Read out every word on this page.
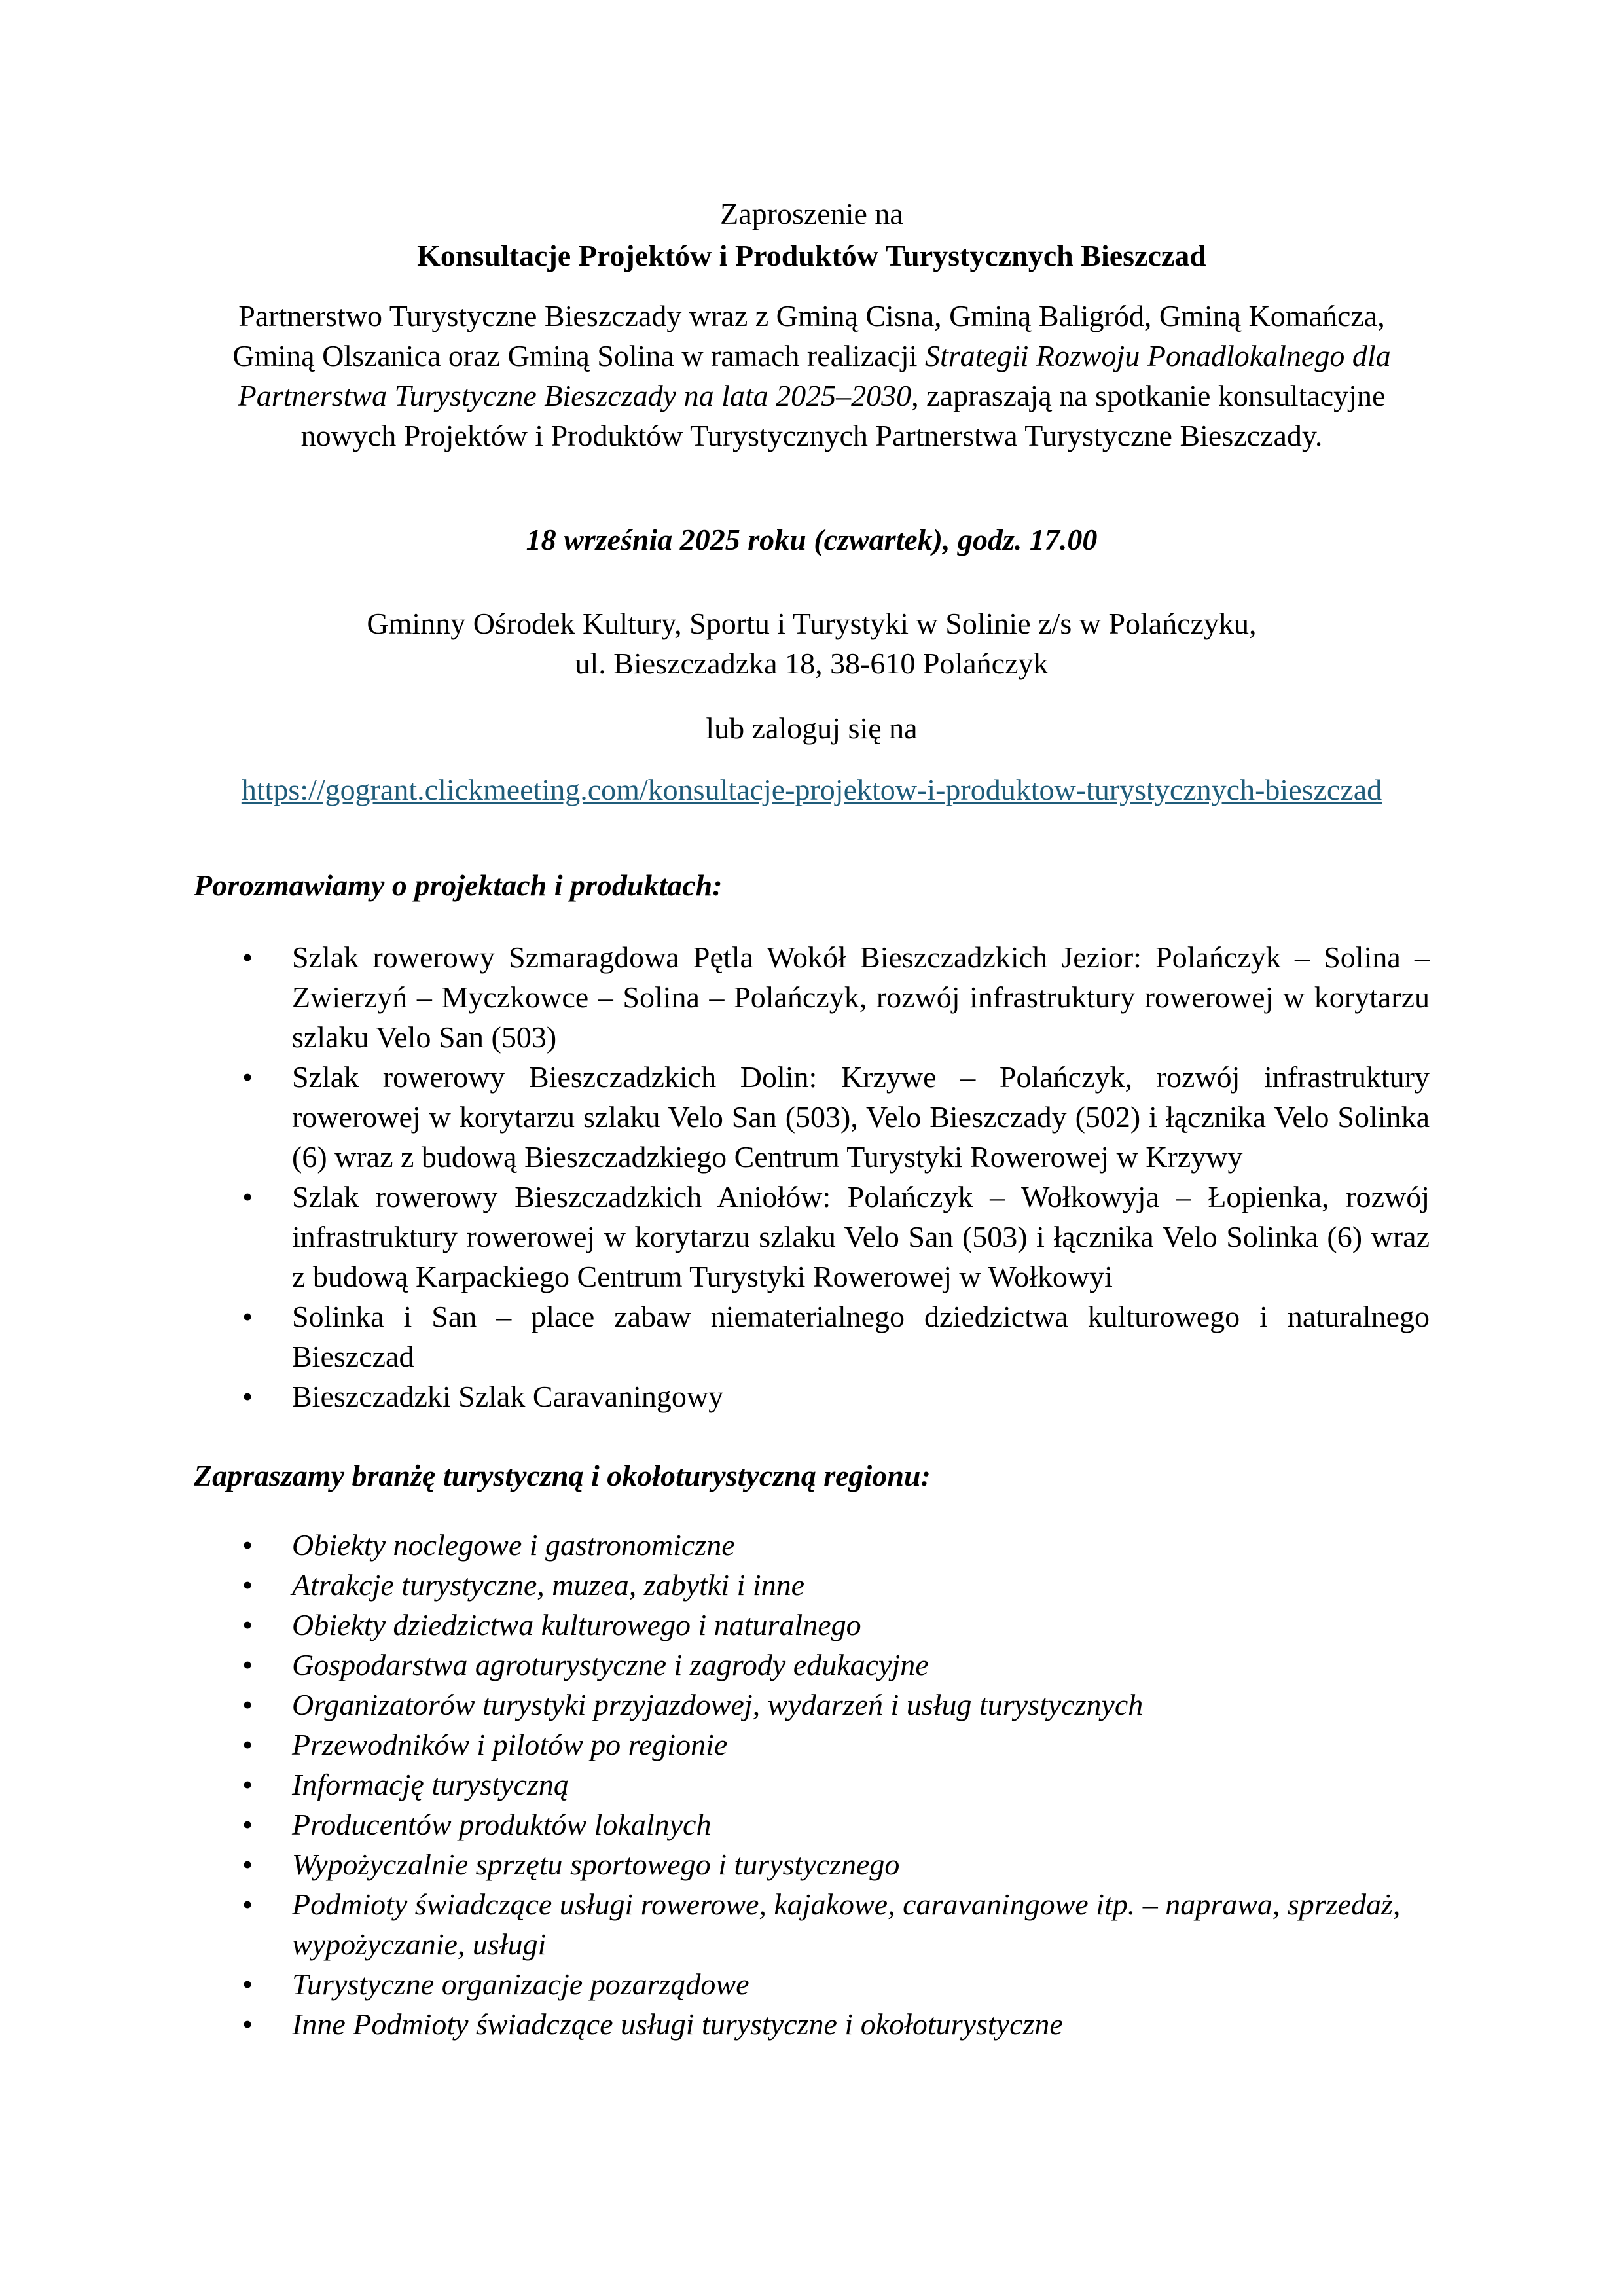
Zaproszenie na

Konsultacje Projektów i Produktów Turystycznych Bieszczad

Partnerstwo Turystyczne Bieszczady wraz z Gminą Cisna, Gminą Baligród, Gminą Komańcza, Gminą Olszanica oraz Gminą Solina w ramach realizacji Strategii Rozwoju Ponadlokalnego dla Partnerstwa Turystyczne Bieszczady na lata 2025–2030, zapraszają na spotkanie konsultacyjne nowych Projektów i Produktów Turystycznych Partnerstwa Turystyczne Bieszczady.

18 września 2025 roku (czwartek), godz. 17.00

Gminny Ośrodek Kultury, Sportu i Turystyki w Solinie z/s w Polańczyku,
ul. Bieszczadzka 18, 38-610 Polańczyk

lub zaloguj się na

https://gogrant.clickmeeting.com/konsultacje-projektow-i-produktow-turystycznych-bieszczad

Porozmawiamy o projektach i produktach:

•	Szlak rowerowy Szmaragdowa Pętla Wokół Bieszczadzkich Jezior: Polańczyk – Solina – Zwierzyń – Myczkowce – Solina – Polańczyk, rozwój infrastruktury rowerowej w korytarzu szlaku Velo San (503)
•	Szlak rowerowy Bieszczadzkich Dolin: Krzywe – Polańczyk, rozwój infrastruktury rowerowej w korytarzu szlaku Velo San (503), Velo Bieszczady (502) i łącznika Velo Solinka (6) wraz z budową Bieszczadzkiego Centrum Turystyki Rowerowej w Krzywy
•	Szlak rowerowy Bieszczadzkich Aniołów: Polańczyk – Wołkowyja – Łopienka, rozwój infrastruktury rowerowej w korytarzu szlaku Velo San (503) i łącznika Velo Solinka (6) wraz z budową Karpackiego Centrum Turystyki Rowerowej w Wołkowyi
•	Solinka i San – place zabaw niematerialnego dziedzictwa kulturowego i naturalnego Bieszczad
•	Bieszczadzki Szlak Caravaningowy

Zapraszamy branżę turystyczną i okołoturystyczną regionu:

•	Obiekty noclegowe i gastronomiczne
•	Atrakcje turystyczne, muzea, zabytki i inne
•	Obiekty dziedzictwa kulturowego i naturalnego
•	Gospodarstwa agroturystyczne i zagrody edukacyjne
•	Organizatorów turystyki przyjazdowej, wydarzeń i usług turystycznych
•	Przewodników i pilotów po regionie
•	Informację turystyczną
•	Producentów produktów lokalnych
•	Wypożyczalnie sprzętu sportowego i turystycznego
•	Podmioty świadczące usługi rowerowe, kajakowe, caravaningowe itp. – naprawa, sprzedaż, wypożyczanie, usługi
•	Turystyczne organizacje pozarządowe
•	Inne Podmioty świadczące usługi turystyczne i okołoturystyczne
